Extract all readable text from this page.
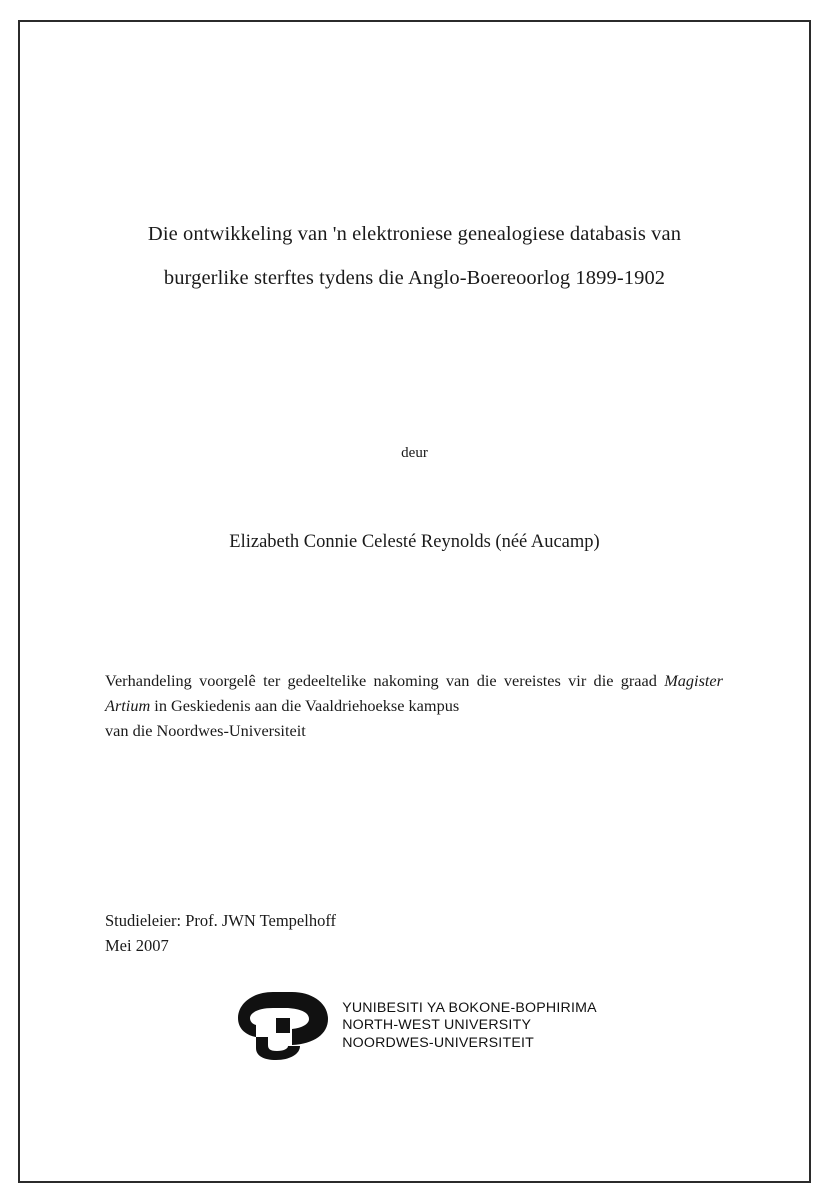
Die ontwikkeling van 'n elektroniese genealogiese databasis van
burgerlike sterftes tydens die Anglo-Boereoorlog 1899-1902
deur
Elizabeth Connie Celesté Reynolds (néé Aucamp)
Verhandeling voorgelê ter gedeeltelike nakoming van die vereistes vir die graad Magister Artium in Geskiedenis aan die Vaaldriehoekse kampus
van die Noordwes-Universiteit
Studieleier: Prof. JWN Tempelhoff
Mei 2007
YUNIBESITI YA BOKONE-BOPHIRIMA
NORTH-WEST UNIVERSITY
NOORDWES-UNIVERSITEIT
